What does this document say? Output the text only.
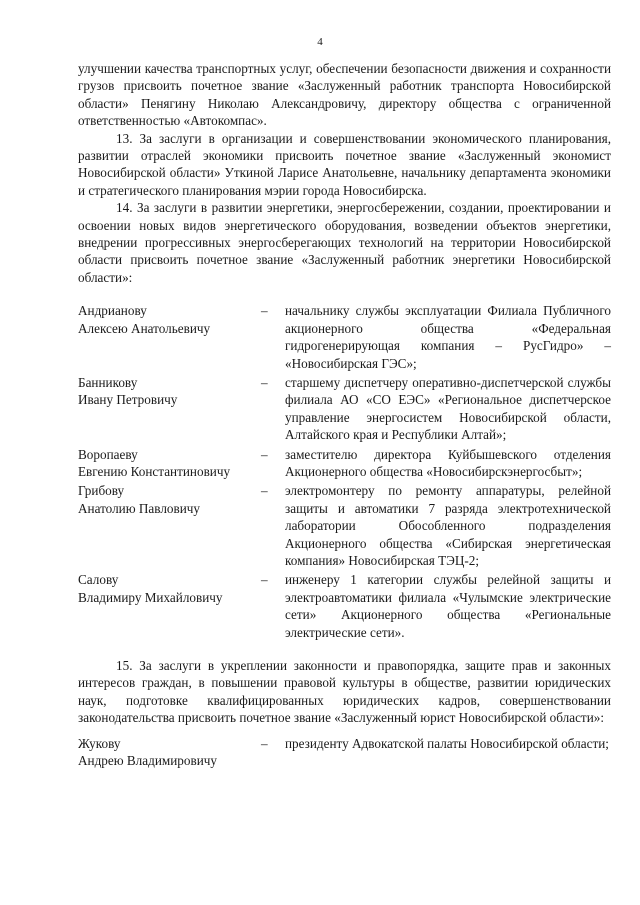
4

улучшении качества транспортных услуг, обеспечении безопасности движения и сохранности грузов присвоить почетное звание «Заслуженный работник транспорта Новосибирской области» Пенягину Николаю Александровичу, директору общества с ограниченной ответственностью «Автокомпас».

13. За заслуги в организации и совершенствовании экономического планирования, развитии отраслей экономики присвоить почетное звание «Заслуженный экономист Новосибирской области» Уткиной Ларисе Анатольевне, начальнику департамента экономики и стратегического планирования мэрии города Новосибирска.

14. За заслуги в развитии энергетики, энергосбережении, создании, проектировании и освоении новых видов энергетического оборудования, возведении объектов энергетики, внедрении прогрессивных энергосберегающих технологий на территории Новосибирской области присвоить почетное звание «Заслуженный работник энергетики Новосибирской области»:

Андрианову
Алексею Анатольевичу
–	начальнику службы эксплуатации Филиала Публичного акционерного общества «Федеральная гидрогенерирующая компания – РусГидро» – «Новосибирская ГЭС»;
Банникову
Ивану Петровичу
–	старшему диспетчеру оперативно-диспетчерской службы филиала АО «СО ЕЭС» «Региональное диспетчерское управление энергосистем Новосибирской области, Алтайского края и Республики Алтай»;
Воропаеву
Евгению Константиновичу
–	заместителю директора Куйбышевского отделения Акционерного общества «Новосибирскэнергосбыт»;
Грибову
Анатолию Павловичу
–	электромонтеру по ремонту аппаратуры, релейной защиты и автоматики 7 разряда электротехнической лаборатории Обособленного подразделения Акционерного общества «Сибирская энергетическая компания» Новосибирская ТЭЦ-2;
Салову
Владимиру Михайловичу
–	инженеру 1 категории службы релейной защиты и электроавтоматики филиала «Чулымские электрические сети» Акционерного общества «Региональные электрические сети».

15. За заслуги в укреплении законности и правопорядка, защите прав и законных интересов граждан, в повышении правовой культуры в обществе, развитии юридических наук, подготовке квалифицированных юридических кадров, совершенствовании законодательства присвоить почетное звание «Заслуженный юрист Новосибирской области»:

Жукову
Андрею Владимировичу
–	президенту Адвокатской палаты Новосибирской области;
